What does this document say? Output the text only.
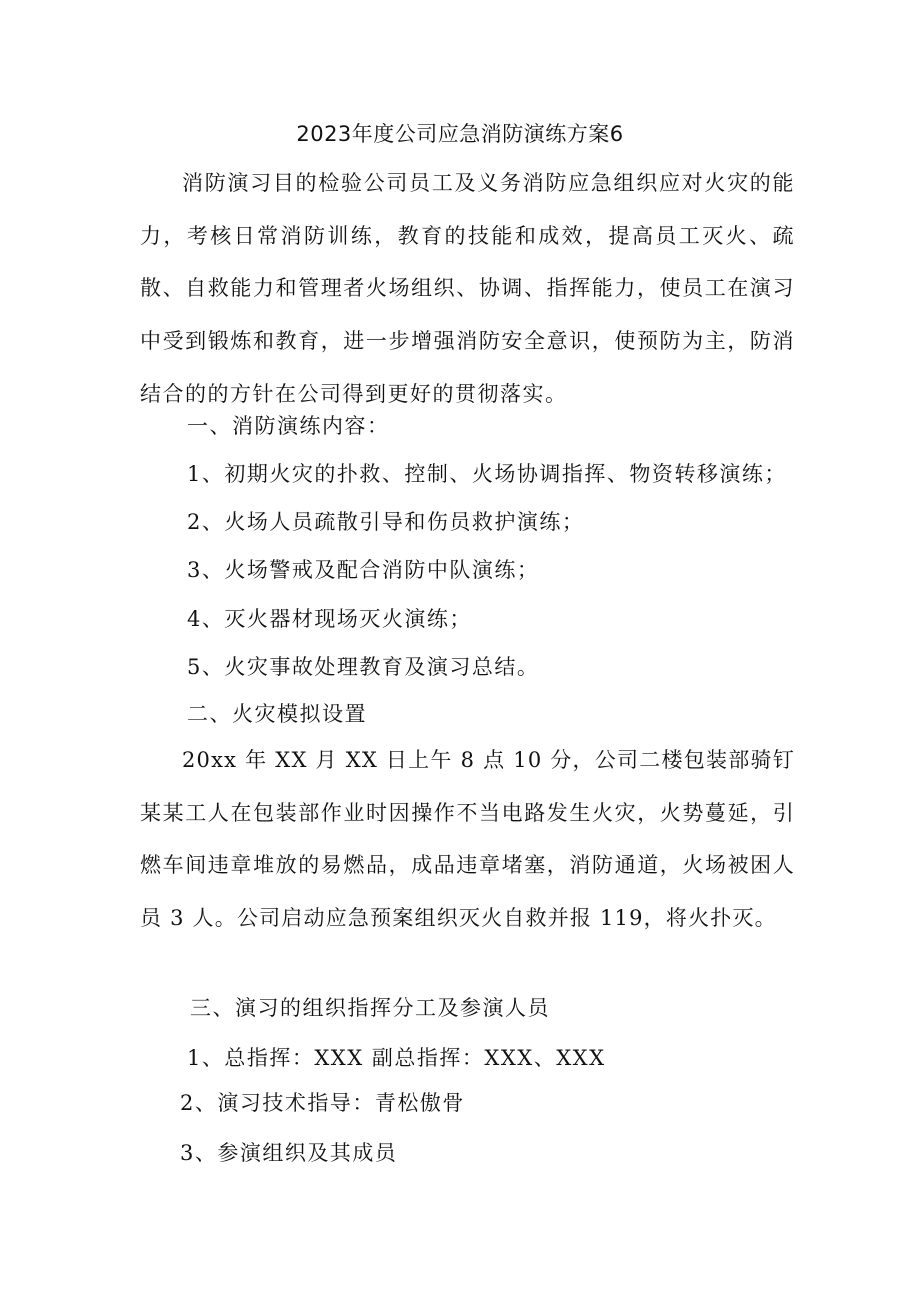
2023年度公司应急消防演练方案6
消防演习目的检验公司员工及义务消防应急组织应对火灾的能力，考核日常消防训练，教育的技能和成效，提高员工灭火、疏散、自救能力和管理者火场组织、协调、指挥能力，使员工在演习中受到锻炼和教育，进一步增强消防安全意识，使预防为主，防消结合的的方针在公司得到更好的贯彻落实。
一、消防演练内容：
1、初期火灾的扑救、控制、火场协调指挥、物资转移演练；
2、火场人员疏散引导和伤员救护演练；
3、火场警戒及配合消防中队演练；
4、灭火器材现场灭火演练；
5、火灾事故处理教育及演习总结。
二、火灾模拟设置
20xx 年 XX 月 XX 日上午 8 点 10 分，公司二楼包装部骑钉某某工人在包装部作业时因操作不当电路发生火灾，火势蔓延，引燃车间违章堆放的易燃品，成品违章堵塞，消防通道，火场被困人员 3 人。公司启动应急预案组织灭火自救并报 119，将火扑灭。
三、演习的组织指挥分工及参演人员
1、总指挥：XXX 副总指挥：XXX、XXX
2、演习技术指导：青松傲骨
3、参演组织及其成员
